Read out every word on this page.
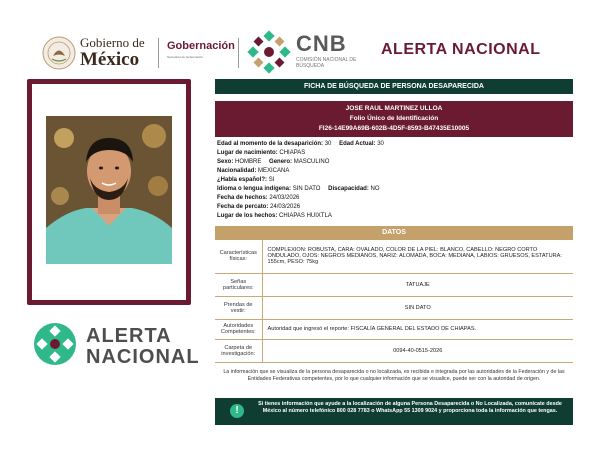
Gobierno de
México
Gobernación
Secretaría de Gobernación
CNB
COMISIÓN NACIONAL DE BÚSQUEDA
ALERTA NACIONAL
ALERTA
NACIONAL
FICHA DE BÚSQUEDA DE PERSONA DESAPARECIDA
JOSE RAUL MARTINEZ ULLOA
Folio Único de Identificación
FI26-14E99A69B-602B-4D5F-8593-B47435E10005
Edad al momento de la desaparición: 30 Edad Actual: 30
Lugar de nacimiento: CHIAPAS
Sexo: HOMBRE Genero: MASCULINO
Nacionalidad: MEXICANA
¿Habla español?: SI
Idioma o lengua indígena: SIN DATO Discapacidad: NO
Fecha de hechos: 24/03/2026
Fecha de percato: 24/03/2026
Lugar de los hechos: CHIAPAS HUIXTLA
DATOS
Características físicas:	COMPLEXION: ROBUSTA, CARA: OVALADO, COLOR DE LA PIEL: BLANCO, CABELLO: NEGRO CORTO ONDULADO, OJOS: NEGROS MEDIANOS, NARIZ: ALOMADA, BOCA: MEDIANA, LABIOS: GRUESOS, ESTATURA: 155cm, PESO: 75kg
Señas particulares:	TATUAJE
Prendas de vestir:	SIN DATO
Autoridades Competentes:	Autoridad que ingresó el reporte: FISCALÍA GENERAL DEL ESTADO DE CHIAPAS.
Carpeta de investigación:	0094-40-0515-2026
La información que se visualiza de la persona desaparecida o no localizada, es recibida e integrada por las autoridades de la Federación y de las Entidades Federativas competentes, por lo que cualquier información que se visualice, puede ser con la autoridad de origen.
!
Si tienes información que ayude a la localización de alguna Persona Desaparecida o No Localizada, comunicate desde México al número telefónico 800 028 7783 o WhatsApp 55 1309 9024 y proporciona toda la información que tengas.
